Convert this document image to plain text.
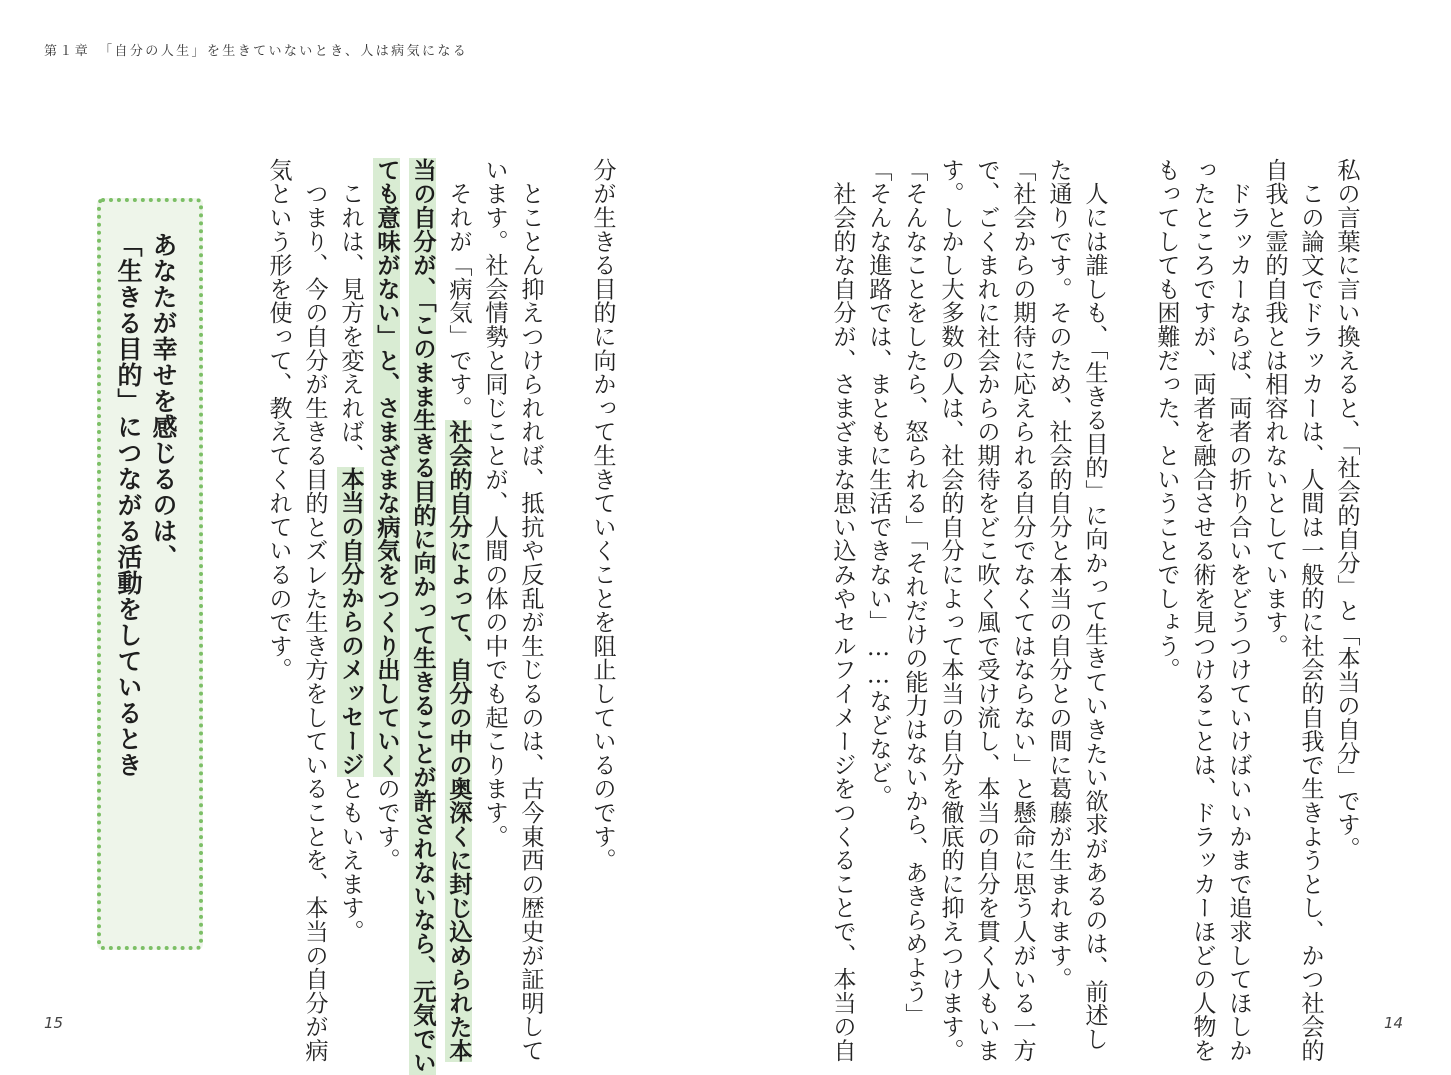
第１章　「自分の人生」を生きていないとき、人は病気になる
私の言葉に言い換えると、「社会的自分」と「本当の自分」です。
　この論文でドラッカーは、人間は一般的に社会的自我で生きようとし、かつ社会的
自我と霊的自我とは相容れないとしています。
　ドラッカーならば、両者の折り合いをどうつけていけばいいかまで追求してほしか
ったところですが、両者を融合させる術を見つけることは、ドラッカーほどの人物を
もってしても困難だった、ということでしょう。
　人には誰しも、「生きる目的」に向かって生きていきたい欲求があるのは、前述し
た通りです。そのため、社会的自分と本当の自分との間に葛藤が生まれます。
「社会からの期待に応えられる自分でなくてはならない」と懸命に思う人がいる一方
で、ごくまれに社会からの期待をどこ吹く風で受け流し、本当の自分を貫く人もいま
す。しかし大多数の人は、社会的自分によって本当の自分を徹底的に抑えつけます。
「そんなことをしたら、怒られる」「それだけの能力はないから、あきらめよう」
「そんな進路では、まともに生活できない」……などなど。
　社会的な自分が、さまざまな思い込みやセルフイメージをつくることで、本当の自
分が生きる目的に向かって生きていくことを阻止しているのです。
　とことん抑えつけられれば、抵抗や反乱が生じるのは、古今東西の歴史が証明して
います。社会情勢と同じことが、人間の体の中でも起こります。
　それが「病気」です。社会的自分によって、自分の中の奥深くに封じ込められた本
当の自分が、「このまま生きる目的に向かって生きることが許されないなら、元気でい
ても意味がない」と、さまざまな病気をつくり出していくのです。
　これは、見方を変えれば、本当の自分からのメッセージともいえます。
　つまり、今の自分が生きる目的とズレた生き方をしていることを、本当の自分が病
気という形を使って、教えてくれているのです。
あなたが幸せを感じるのは、
「生きる目的」につながる活動をしているとき
15	14
